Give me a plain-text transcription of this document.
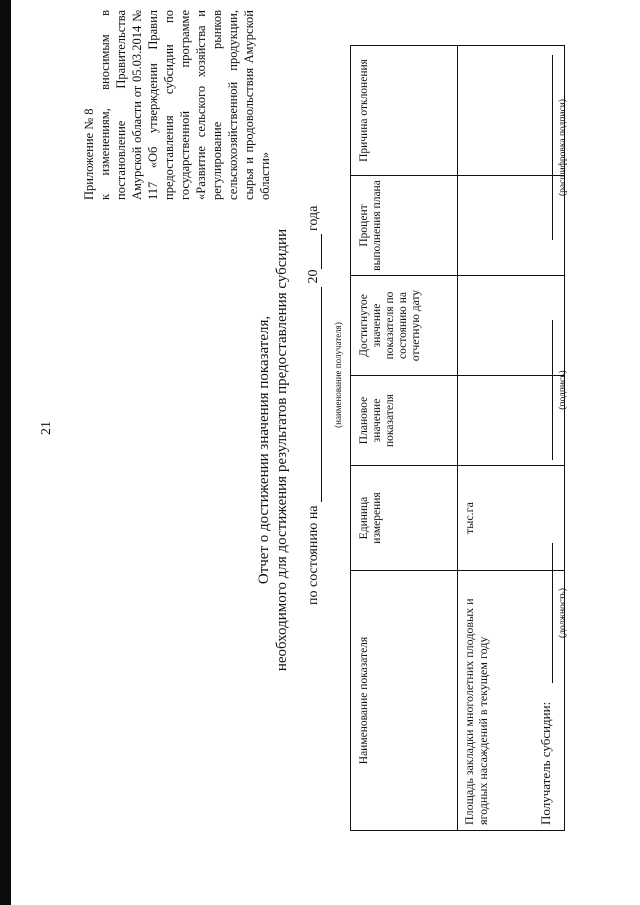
21
Приложение № 8 к изменениям, вносимым в постановление Правительства Амурской области от 05.03.2014 № 117 «Об утверждении Правил предоставления субсидии по государственной программе «Развитие сельского хозяйства и регулирование рынков сельскохозяйственной продукции, сырья и продовольствия Амурской области»
Отчет о достижении значения показателя, необходимого для достижения результатов предоставления субсидии по состоянию на  20 года
(наименование получателя)
Наименование показателя	Единица измерения	Плановое значение показателя	Достигнутое значение показателя по состоянию на отчетную дату	Процент выполнения плана	Причина отклонения
Площадь закладки многолетних плодовых и ягодных насаждений в текущем году	тыс.га				
Получатель субсидии:
(должность)
(подпись)
(расшифровка подписи)
